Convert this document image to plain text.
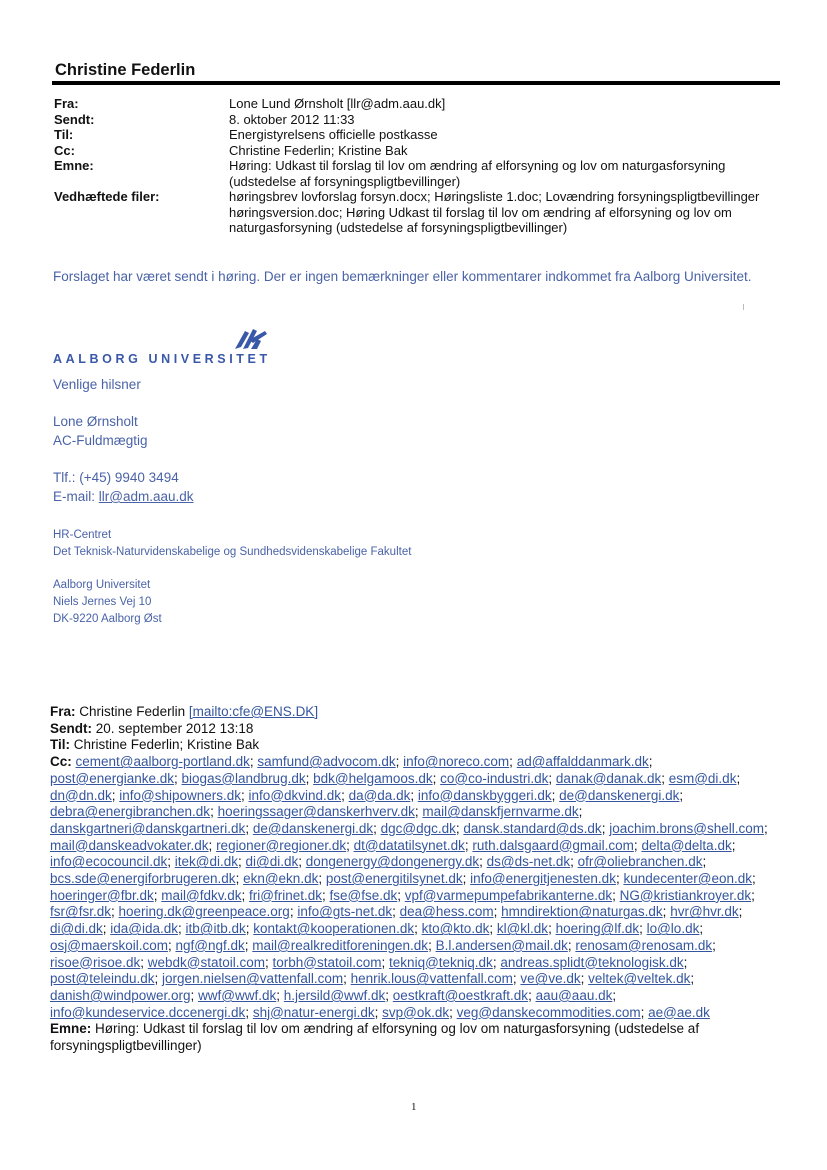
Christine Federlin
Fra:	Lone Lund Ørnsholt [llr@adm.aau.dk]
Sendt:	8. oktober 2012 11:33
Til:	Energistyrelsens officielle postkasse
Cc:	Christine Federlin; Kristine Bak
Emne:	Høring: Udkast til forslag til lov om ændring af elforsyning og lov om naturgasforsyning (udstedelse af forsyningspligtbevillinger)
Vedhæftede filer:	høringsbrev lovforslag forsyn.docx; Høringsliste 1.doc; Lovændring forsyningspligtbevillinger høringsversion.doc; Høring Udkast til forslag til lov om ændring af elforsyning og lov om naturgasforsyning (udstedelse af forsyningspligtbevillinger)
Forslaget har været sendt i høring. Der er ingen bemærkninger eller kommentarer indkommet fra Aalborg Universitet.
AALBORG UNIVERSITET
Venlige hilsner
Lone Ørnsholt
AC-Fuldmægtig
Tlf.: (+45) 9940 3494
E-mail: llr@adm.aau.dk
HR-Centret
Det Teknisk-Naturvidenskabelige og Sundhedsvidenskabelige Fakultet
Aalborg Universitet
Niels Jernes Vej 10
DK-9220 Aalborg Øst
Fra: Christine Federlin [mailto:cfe@ENS.DK]
Sendt: 20. september 2012 13:18
Til: Christine Federlin; Kristine Bak
Cc: cement@aalborg-portland.dk; samfund@advocom.dk; info@noreco.com; ad@affalddanmark.dk; post@energianke.dk; biogas@landbrug.dk; bdk@helgamoos.dk; co@co-industri.dk; danak@danak.dk; esm@di.dk; dn@dn.dk; info@shipowners.dk; info@dkvind.dk; da@da.dk; info@danskbyggeri.dk; de@danskenergi.dk; debra@energibranchen.dk; hoeringssager@danskerhverv.dk; mail@danskfjernvarme.dk; danskgartneri@danskgartneri.dk; de@danskenergi.dk; dgc@dgc.dk; dansk.standard@ds.dk; joachim.brons@shell.com; mail@danskeadvokater.dk; regioner@regioner.dk; dt@datatilsynet.dk; ruth.dalsgaard@gmail.com; delta@delta.dk; info@ecocouncil.dk; itek@di.dk; di@di.dk; dongenergy@dongenergy.dk; ds@ds-net.dk; ofr@oliebranchen.dk; bcs.sde@energiforbrugeren.dk; ekn@ekn.dk; post@energitilsynet.dk; info@energitjenesten.dk; kundecenter@eon.dk; hoeringer@fbr.dk; mail@fdkv.dk; fri@frinet.dk; fse@fse.dk; vpf@varmepumpefabrikanterne.dk; NG@kristiankroyer.dk; fsr@fsr.dk; hoering.dk@greenpeace.org; info@gts-net.dk; dea@hess.com; hmndirektion@naturgas.dk; hvr@hvr.dk; di@di.dk; ida@ida.dk; itb@itb.dk; kontakt@kooperationen.dk; kto@kto.dk; kl@kl.dk; hoering@lf.dk; lo@lo.dk; osj@maerskoil.com; ngf@ngf.dk; mail@realkreditforeningen.dk; B.l.andersen@mail.dk; renosam@renosam.dk; risoe@risoe.dk; webdk@statoil.com; torbh@statoil.com; tekniq@tekniq.dk; andreas.splidt@teknologisk.dk; post@teleindu.dk; jorgen.nielsen@vattenfall.com; henrik.lous@vattenfall.com; ve@ve.dk; veltek@veltek.dk; danish@windpower.org; wwf@wwf.dk; h.jersild@wwf.dk; oestkraft@oestkraft.dk; aau@aau.dk; info@kundeservice.dccenergi.dk; shj@natur-energi.dk; svp@ok.dk; veg@danskecommodities.com; ae@ae.dk
Emne: Høring: Udkast til forslag til lov om ændring af elforsyning og lov om naturgasforsyning (udstedelse af forsyningspligtbevillinger)
1
